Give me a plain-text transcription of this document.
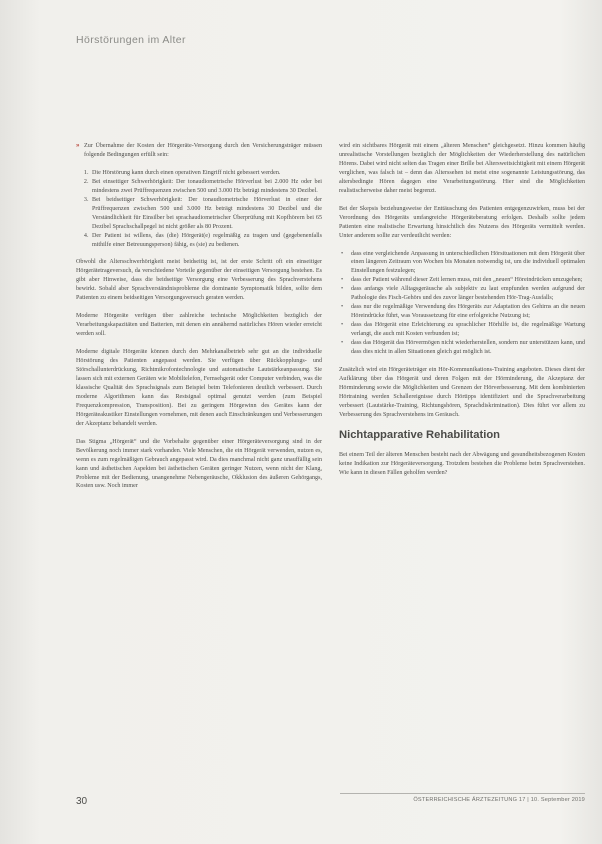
Hörstörungen im Alter

» Zur Übernahme der Kosten der Hörgeräte-Versorgung durch den Versicherungsträger müssen folgende Bedingungen erfüllt sein:

1. Die Hörstörung kann durch einen operativen Eingriff nicht gebessert werden.
2. Bei einseitiger Schwerhörigkeit: Der tonaudiometrische Hörverlust bei 2.000 Hz oder bei mindestens zwei Prüffrequenzen zwischen 500 und 3.000 Hz beträgt mindestens 30 Dezibel.
3. Bei beidseitiger Schwerhörigkeit: Der tonaudiometrische Hörverlust in einer der Prüffrequenzen zwischen 500 und 3.000 Hz beträgt mindestens 30 Dezibel und die Verständlichkeit für Einsilber bei sprachaudiometrischer Überprüfung mit Kopfhörern bei 65 Dezibel Sprachschallpegel ist nicht größer als 80 Prozent.
4. Der Patient ist willens, das (die) Hörgerät(e) regelmäßig zu tragen und (gegebenenfalls mithilfe einer Betreuungsperson) fähig, es (sie) zu bedienen.

Obwohl die Altersschwerhörigkeit meist beidseitig ist, ist der erste Schritt oft ein einseitiger Hörgerätetrageversuch, da verschiedene Vorteile gegenüber der einseitigen Versorgung bestehen. Es gibt aber Hinweise, dass die beidseitige Versorgung eine Verbesserung des Sprachverstehens bewirkt. Sobald aber Sprachverständnisprobleme die dominante Symptomatik bilden, sollte dem Patienten zu einem beidseitigen Versorgungsversuch geraten werden.

Moderne Hörgeräte verfügen über zahlreiche technische Möglichkeiten bezüglich der Verarbeitungskapazitäten und Batterien, mit denen ein annähernd natürliches Hören wieder erreicht werden soll.

Moderne digitale Hörgeräte können durch den Mehrkanalbetrieb sehr gut an die individuelle Hörstörung des Patienten angepasst werden. Sie verfügen über Rückkopplungs- und Störschallunterdrückung, Richtmikrofontechnologie und automatische Lautstärkeanpassung. Sie lassen sich mit externen Geräten wie Mobiltelefon, Fernsehgerät oder Computer verbinden, was die klassische Qualität des Sprachsignals zum Beispiel beim Telefonieren deutlich verbessert. Durch moderne Algorithmen kann das Restsignal optimal genutzt werden (zum Beispiel Frequenzkompression, Transposition). Bei zu geringem Hörgewinn des Gerätes kann der Hörgeräteakustiker Einstellungen vornehmen, mit denen auch Einschränkungen und Verbesserungen der Akzeptanz behandelt werden.

Das Stigma „Hörgerät“ und die Vorbehalte gegenüber einer Hörgeräteversorgung sind in der Bevölkerung noch immer stark vorhanden. Viele Menschen, die ein Hörgerät verwenden, nutzen es, wenn es zum regelmäßigen Gebrauch angepasst wird. Da dies manchmal nicht ganz unauffällig sein kann und ästhetischen Aspekten bei ästhetischen Geräten geringer Nutzen, wenn nicht der Klang, Probleme mit der Bedienung, unangenehme Nebengeräusche, Okklusion des äußeren Gehörgangs, Kosten usw. Noch immer

wird ein sichtbares Hörgerät mit einem „älteren Menschen“ gleichgesetzt. Hinzu kommen häufig unrealistische Vorstellungen bezüglich der Möglichkeiten der Wiederherstellung des natürlichen Hörens. Dabei wird nicht selten das Tragen einer Brille bei Altersweitsichtigkeit mit einem Hörgerät verglichen, was falsch ist – denn das Alterssehen ist meist eine sogenannte Leistungsstörung, das altersbedingte Hören dagegen eine Verarbeitungsstörung. Hier sind die Möglichkeiten realistischerweise daher meist begrenzt.

Bei der Skepsis beziehungsweise der Enttäuschung des Patienten entgegenzuwirken, muss bei der Verordnung des Hörgeräts umfangreiche Hörgeräteberatung erfolgen. Deshalb sollte jedem Patienten eine realistische Erwartung hinsichtlich des Nutzens des Hörgeräts vermittelt werden. Unter anderem sollte zur verdeutlicht werden:

• dass eine vergleichende Anpassung in unterschiedlichen Hörsituationen mit dem Hörgerät über einen längeren Zeitraum von Wochen bis Monaten notwendig ist, um die individuell optimalen Einstellungen festzulegen;
• dass der Patient während dieser Zeit lernen muss, mit den „neuen“ Höreindrücken umzugehen;
• dass anfangs viele Alltagsgeräusche als subjektiv zu laut empfunden werden aufgrund der Pathologie des Fisch-Gehörs und des zuvor länger bestehenden Hör-Trag-Ausfalls;
• dass nur die regelmäßige Verwendung des Hörgeräts zur Adaptation des Gehirns an die neuen Höreindrücke führt, was Voraussetzung für eine erfolgreiche Nutzung ist;
• dass das Hörgerät eine Erleichterung zu sprachlicher Hörhilfe ist, die regelmäßige Wartung verlangt, die auch mit Kosten verbunden ist;
• dass das Hörgerät das Hörvermögen nicht wiederherstellen, sondern nur unterstützen kann, und dass dies nicht in allen Situationen gleich gut möglich ist.

Zusätzlich wird ein Hörgeräteträger ein Hör-Kommunikations-Training angeboten. Dieses dient der Aufklärung über das Hörgerät und deren Folgen mit der Hörminderung, die Akzeptanz der Hörminderung sowie die Möglichkeiten und Grenzen der Hörverbesserung. Mit dem kombinierten Hörtraining werden Schallereignisse durch Hörtipps identifiziert und die Sprachverarbeitung verbessert (Lautstärke-Training, Richtungshören, Sprachdiskrimination). Dies führt vor allem zu Verbesserung des Sprachverstehens im Geräusch.

Nichtapparative Rehabilitation

Bei einem Teil der älteren Menschen besteht nach der Abwägung und gesundheitsbezogenen Kosten keine Indikation zur Hörgeräteversorgung. Trotzdem bestehen die Probleme beim Sprachverstehen. Wie kann in diesen Fällen geholfen werden?

30	ÖSTERREICHISCHE ÄRZTEZEITUNG 17 | 10. September 2019
